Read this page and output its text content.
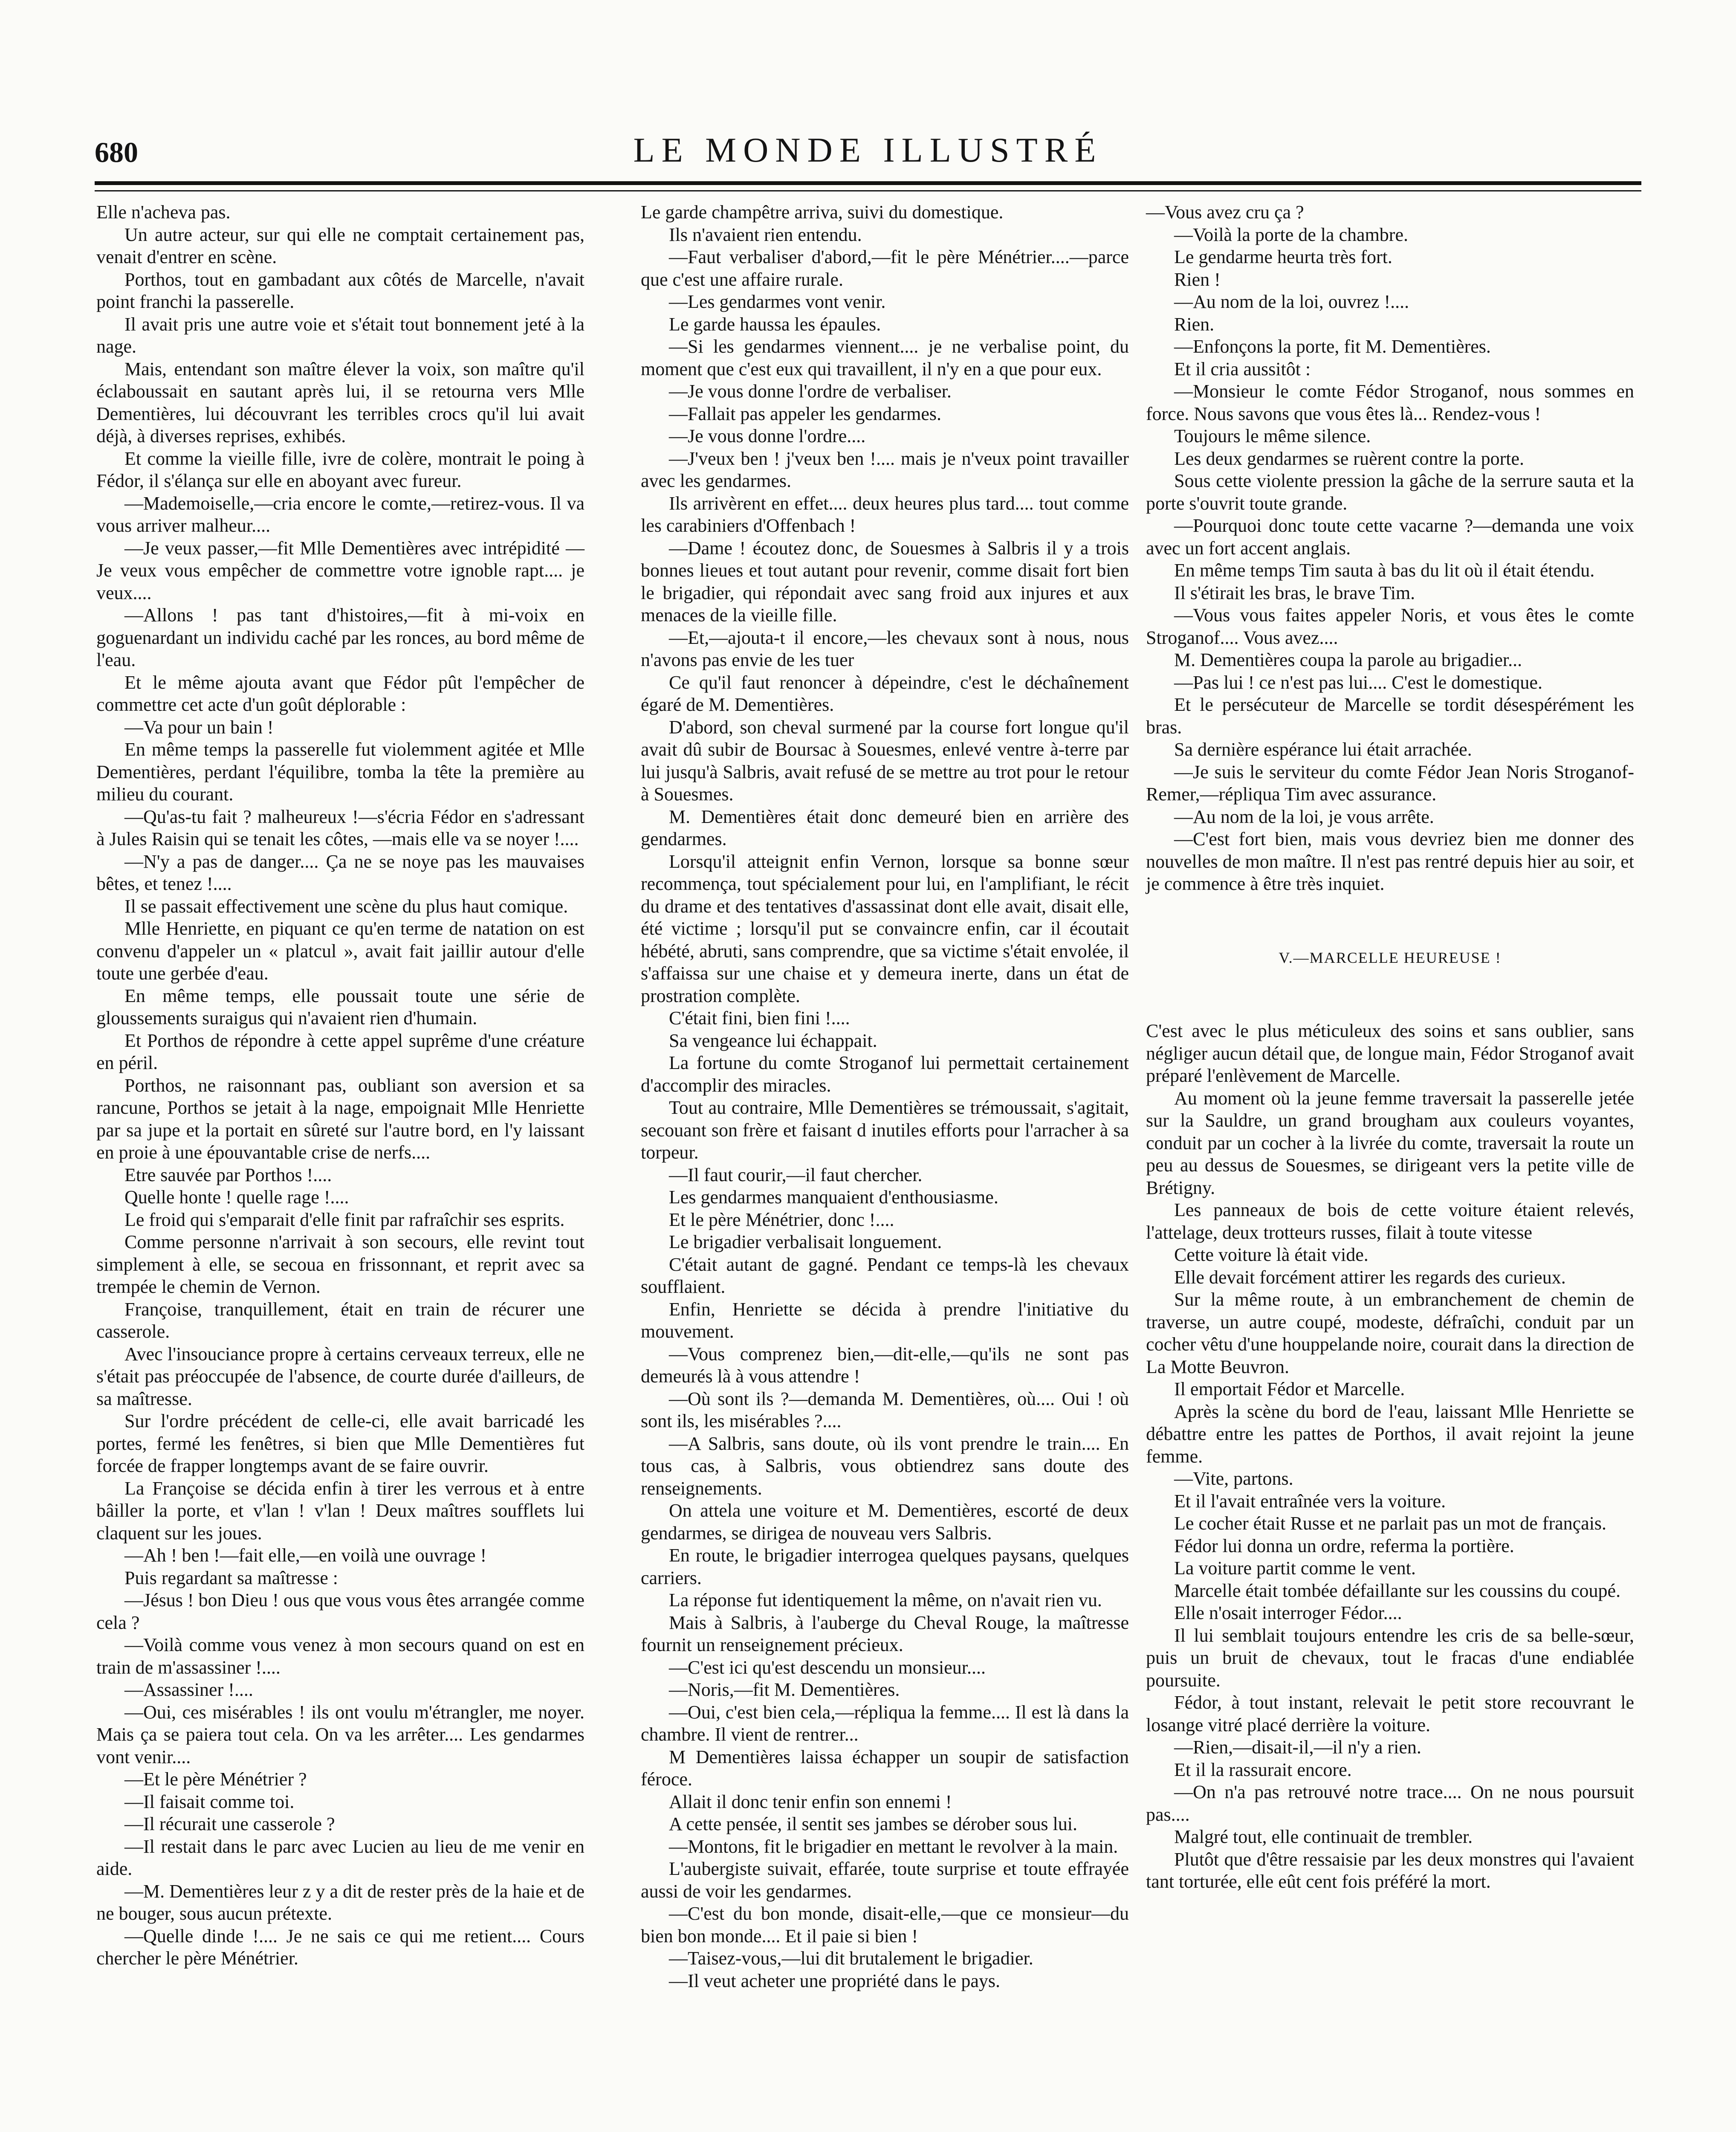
680	LE MONDE ILLUSTRÉ

Elle n'acheva pas.

Un autre acteur, sur qui elle ne comptait certainement pas, venait d'entrer en scène.

Porthos, tout en gambadant aux côtés de Marcelle, n'avait point franchi la passerelle.

Il avait pris une autre voie et s'était tout bonnement jeté à la nage.

Mais, entendant son maître élever la voix, son maître qu'il éclaboussait en sautant après lui, il se retourna vers Mlle Dementières, lui découvrant les terribles crocs qu'il lui avait déjà, à diverses reprises, exhibés.

Et comme la vieille fille, ivre de colère, montrait le poing à Fédor, il s'élança sur elle en aboyant avec fureur.

—Mademoiselle,—cria encore le comte,—retirez-vous. Il va vous arriver malheur....

—Je veux passer,—fit Mlle Dementières avec intrépidité —Je veux vous empêcher de commettre votre ignoble rapt.... je veux....

—Allons ! pas tant d'histoires,—fit à mi-voix en goguenardant un individu caché par les ronces, au bord même de l'eau.

Et le même ajouta avant que Fédor pût l'empêcher de commettre cet acte d'un goût déplorable :

—Va pour un bain !

En même temps la passerelle fut violemment agitée et Mlle Dementières, perdant l'équilibre, tomba la tête la première au milieu du courant.

—Qu'as-tu fait ? malheureux !—s'écria Fédor en s'adressant à Jules Raisin qui se tenait les côtes, —mais elle va se noyer !....

—N'y a pas de danger.... Ça ne se noye pas les mauvaises bêtes, et tenez !....

Il se passait effectivement une scène du plus haut comique.

Mlle Henriette, en piquant ce qu'en terme de natation on est convenu d'appeler un « platcul », avait fait jaillir autour d'elle toute une gerbée d'eau.

En même temps, elle poussait toute une série de gloussements suraigus qui n'avaient rien d'humain.

Et Porthos de répondre à cette appel suprême d'une créature en péril.

Porthos, ne raisonnant pas, oubliant son aversion et sa rancune, Porthos se jetait à la nage, empoignait Mlle Henriette par sa jupe et la portait en sûreté sur l'autre bord, en l'y laissant en proie à une épouvantable crise de nerfs....

Etre sauvée par Porthos !....

Quelle honte ! quelle rage !....

Le froid qui s'emparait d'elle finit par rafraîchir ses esprits.

Comme personne n'arrivait à son secours, elle revint tout simplement à elle, se secoua en frissonnant, et reprit avec sa trempée le chemin de Vernon.

Françoise, tranquillement, était en train de récurer une casserole.

Avec l'insouciance propre à certains cerveaux terreux, elle ne s'était pas préoccupée de l'absence, de courte durée d'ailleurs, de sa maîtresse.

Sur l'ordre précédent de celle-ci, elle avait barricadé les portes, fermé les fenêtres, si bien que Mlle Dementières fut forcée de frapper longtemps avant de se faire ouvrir.

La Françoise se décida enfin à tirer les verrous et à entre bâiller la porte, et v'lan ! v'lan ! Deux maîtres soufflets lui claquent sur les joues.

—Ah ! ben !—fait elle,—en voilà une ouvrage !

Puis regardant sa maîtresse :

—Jésus ! bon Dieu ! ous que vous vous êtes arrangée comme cela ?

—Voilà comme vous venez à mon secours quand on est en train de m'assassiner !....

—Assassiner !....

—Oui, ces misérables ! ils ont voulu m'étrangler, me noyer. Mais ça se paiera tout cela. On va les arrêter.... Les gendarmes vont venir....

—Et le père Ménétrier ?

—Il faisait comme toi.

—Il récurait une casserole ?

—Il restait dans le parc avec Lucien au lieu de me venir en aide.

—M. Dementières leur z y a dit de rester près de la haie et de ne bouger, sous aucun prétexte.

—Quelle dinde !.... Je ne sais ce qui me retient.... Cours chercher le père Ménétrier.

Le garde champêtre arriva, suivi du domestique.

Ils n'avaient rien entendu.

—Faut verbaliser d'abord,—fit le père Ménétrier....—parce que c'est une affaire rurale.

—Les gendarmes vont venir.

Le garde haussa les épaules.

—Si les gendarmes viennent.... je ne verbalise point, du moment que c'est eux qui travaillent, il n'y en a que pour eux.

—Je vous donne l'ordre de verbaliser.

—Fallait pas appeler les gendarmes.

—Je vous donne l'ordre....

—J'veux ben ! j'veux ben !.... mais je n'veux point travailler avec les gendarmes.

Ils arrivèrent en effet.... deux heures plus tard.... tout comme les carabiniers d'Offenbach !

—Dame ! écoutez donc, de Souesmes à Salbris il y a trois bonnes lieues et tout autant pour revenir, comme disait fort bien le brigadier, qui répondait avec sang froid aux injures et aux menaces de la vieille fille.

—Et,—ajouta-t il encore,—les chevaux sont à nous, nous n'avons pas envie de les tuer

Ce qu'il faut renoncer à dépeindre, c'est le déchaînement égaré de M. Dementières.

D'abord, son cheval surmené par la course fort longue qu'il avait dû subir de Boursac à Souesmes, enlevé ventre à-terre par lui jusqu'à Salbris, avait refusé de se mettre au trot pour le retour à Souesmes.

M. Dementières était donc demeuré bien en arrière des gendarmes.

Lorsqu'il atteignit enfin Vernon, lorsque sa bonne sœur recommença, tout spécialement pour lui, en l'amplifiant, le récit du drame et des tentatives d'assassinat dont elle avait, disait elle, été victime ; lorsqu'il put se convaincre enfin, car il écoutait hébété, abruti, sans comprendre, que sa victime s'était envolée, il s'affaissa sur une chaise et y demeura inerte, dans un état de prostration complète.

C'était fini, bien fini !....

Sa vengeance lui échappait.

La fortune du comte Stroganof lui permettait certainement d'accomplir des miracles.

Tout au contraire, Mlle Dementières se trémoussait, s'agitait, secouant son frère et faisant d inutiles efforts pour l'arracher à sa torpeur.

—Il faut courir,—il faut chercher.

Les gendarmes manquaient d'enthousiasme.

Et le père Ménétrier, donc !....

Le brigadier verbalisait longuement.

C'était autant de gagné. Pendant ce temps-là les chevaux soufflaient.

Enfin, Henriette se décida à prendre l'initiative du mouvement.

—Vous comprenez bien,—dit-elle,—qu'ils ne sont pas demeurés là à vous attendre !

—Où sont ils ?—demanda M. Dementières, où.... Oui ! où sont ils, les misérables ?....

—A Salbris, sans doute, où ils vont prendre le train.... En tous cas, à Salbris, vous obtiendrez sans doute des renseignements.

On attela une voiture et M. Dementières, escorté de deux gendarmes, se dirigea de nouveau vers Salbris.

En route, le brigadier interrogea quelques paysans, quelques carriers.

La réponse fut identiquement la même, on n'avait rien vu.

Mais à Salbris, à l'auberge du Cheval Rouge, la maîtresse fournit un renseignement précieux.

—C'est ici qu'est descendu un monsieur....

—Noris,—fit M. Dementières.

—Oui, c'est bien cela,—répliqua la femme.... Il est là dans la chambre. Il vient de rentrer...

M Dementières laissa échapper un soupir de satisfaction féroce.

Allait il donc tenir enfin son ennemi !

A cette pensée, il sentit ses jambes se dérober sous lui.

—Montons, fit le brigadier en mettant le revolver à la main.

L'aubergiste suivait, effarée, toute surprise et toute effrayée aussi de voir les gendarmes.

—C'est du bon monde, disait-elle,—que ce monsieur—du bien bon monde.... Et il paie si bien !

—Taisez-vous,—lui dit brutalement le brigadier.

—Il veut acheter une propriété dans le pays.

—Vous avez cru ça ?

—Voilà la porte de la chambre.

Le gendarme heurta très fort.

Rien !

—Au nom de la loi, ouvrez !....

Rien.

—Enfonçons la porte, fit M. Dementières.

Et il cria aussitôt :

—Monsieur le comte Fédor Stroganof, nous sommes en force. Nous savons que vous êtes là... Rendez-vous !

Toujours le même silence.

Les deux gendarmes se ruèrent contre la porte.

Sous cette violente pression la gâche de la serrure sauta et la porte s'ouvrit toute grande.

—Pourquoi donc toute cette vacarne ?—demanda une voix avec un fort accent anglais.

En même temps Tim sauta à bas du lit où il était étendu.

Il s'étirait les bras, le brave Tim.

—Vous vous faites appeler Noris, et vous êtes le comte Stroganof.... Vous avez....

M. Dementières coupa la parole au brigadier...

—Pas lui ! ce n'est pas lui.... C'est le domestique.

Et le persécuteur de Marcelle se tordit désespérément les bras.

Sa dernière espérance lui était arrachée.

—Je suis le serviteur du comte Fédor Jean Noris Stroganof-Remer,—répliqua Tim avec assurance.

—Au nom de la loi, je vous arrête.

—C'est fort bien, mais vous devriez bien me donner des nouvelles de mon maître. Il n'est pas rentré depuis hier au soir, et je commence à être très inquiet.

V.—MARCELLE HEUREUSE !

C'est avec le plus méticuleux des soins et sans oublier, sans négliger aucun détail que, de longue main, Fédor Stroganof avait préparé l'enlèvement de Marcelle.

Au moment où la jeune femme traversait la passerelle jetée sur la Sauldre, un grand brougham aux couleurs voyantes, conduit par un cocher à la livrée du comte, traversait la route un peu au dessus de Souesmes, se dirigeant vers la petite ville de Brétigny.

Les panneaux de bois de cette voiture étaient relevés, l'attelage, deux trotteurs russes, filait à toute vitesse

Cette voiture là était vide.

Elle devait forcément attirer les regards des curieux.

Sur la même route, à un embranchement de chemin de traverse, un autre coupé, modeste, défraîchi, conduit par un cocher vêtu d'une houppelande noire, courait dans la direction de La Motte Beuvron.

Il emportait Fédor et Marcelle.

Après la scène du bord de l'eau, laissant Mlle Henriette se débattre entre les pattes de Porthos, il avait rejoint la jeune femme.

—Vite, partons.

Et il l'avait entraînée vers la voiture.

Le cocher était Russe et ne parlait pas un mot de français.

Fédor lui donna un ordre, referma la portière.

La voiture partit comme le vent.

Marcelle était tombée défaillante sur les coussins du coupé.

Elle n'osait interroger Fédor....

Il lui semblait toujours entendre les cris de sa belle-sœur, puis un bruit de chevaux, tout le fracas d'une endiablée poursuite.

Fédor, à tout instant, relevait le petit store recouvrant le losange vitré placé derrière la voiture.

—Rien,—disait-il,—il n'y a rien.

Et il la rassurait encore.

—On n'a pas retrouvé notre trace.... On ne nous poursuit pas....

Malgré tout, elle continuait de trembler.

Plutôt que d'être ressaisie par les deux monstres qui l'avaient tant torturée, elle eût cent fois préféré la mort.
